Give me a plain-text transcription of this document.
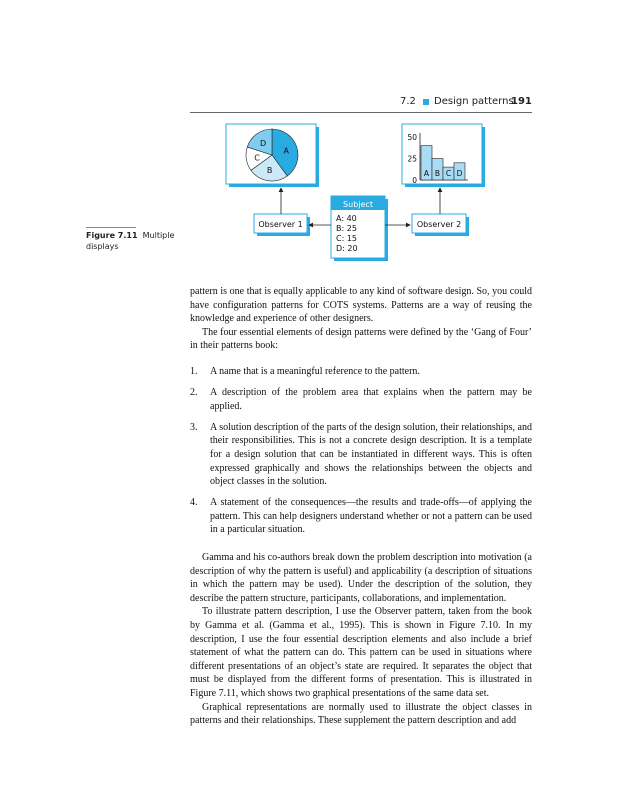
7.2 Design patterns
191
A
B
C
D
50
25
0
A B C D
Subject
A: 40
B: 25
C: 15
D: 20
Observer 1	Observer 2
Figure 7.11 Multiple displays

pattern is one that is equally applicable to any kind of software design. So, you could have configuration patterns for COTS systems. Patterns are a way of reusing the knowledge and experience of other designers.

The four essential elements of design patterns were defined by the ‘Gang of Four’ in their patterns book:

1. A name that is a meaningful reference to the pattern.
2. A description of the problem area that explains when the pattern may be applied.
3. A solution description of the parts of the design solution, their relationships, and their responsibilities. This is not a concrete design description. It is a template for a design solution that can be instantiated in different ways. This is often expressed graphically and shows the relationships between the objects and object classes in the solution.
4. A statement of the consequences—the results and trade-offs—of applying the pattern. This can help designers understand whether or not a pattern can be used in a particular situation.

Gamma and his co-authors break down the problem description into motivation (a description of why the pattern is useful) and applicability (a description of situations in which the pattern may be used). Under the description of the solution, they describe the pattern structure, participants, collaborations, and implementation.

To illustrate pattern description, I use the Observer pattern, taken from the book by Gamma et al. (Gamma et al., 1995). This is shown in Figure 7.10. In my description, I use the four essential description elements and also include a brief statement of what the pattern can do. This pattern can be used in situations where different presentations of an object’s state are required. It separates the object that must be displayed from the different forms of presentation. This is illustrated in Figure 7.11, which shows two graphical presentations of the same data set.

Graphical representations are normally used to illustrate the object classes in patterns and their relationships. These supplement the pattern description and add
